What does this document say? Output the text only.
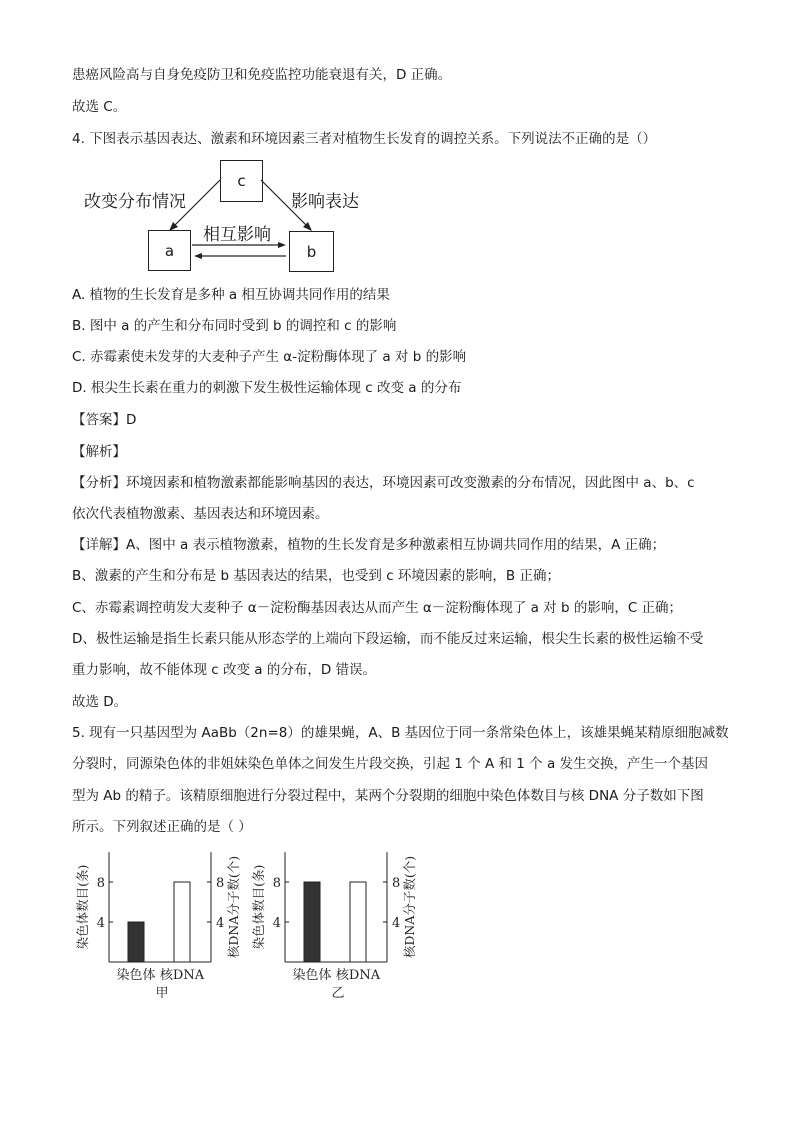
患癌风险高与自身免疫防卫和免疫监控功能衰退有关，D 正确。
故选 C。
4. 下图表示基因表达、激素和环境因素三者对植物生长发育的调控关系。下列说法不正确的是（）
c
a	b
改变分布情况	影响表达
相互影响
A. 植物的生长发育是多种 a 相互协调共同作用的结果
B. 图中 a 的产生和分布同时受到 b 的调控和 c 的影响
C. 赤霉素使未发芽的大麦种子产生 α-淀粉酶体现了 a 对 b 的影响
D. 根尖生长素在重力的刺激下发生极性运输体现 c 改变 a 的分布
【答案】D
【解析】
【分析】环境因素和植物激素都能影响基因的表达，环境因素可改变激素的分布情况，因此图中 a、b、c
依次代表植物激素、基因表达和环境因素。
【详解】A、图中 a 表示植物激素，植物的生长发育是多种激素相互协调共同作用的结果，A 正确；
B、激素的产生和分布是 b 基因表达的结果，也受到 c 环境因素的影响，B 正确；
C、赤霉素调控萌发大麦种子 α－淀粉酶基因表达从而产生 α－淀粉酶体现了 a 对 b 的影响，C 正确；
D、极性运输是指生长素只能从形态学的上端向下段运输，而不能反过来运输，根尖生长素的极性运输不受
重力影响，故不能体现 c 改变 a 的分布，D 错误。
故选 D。
5. 现有一只基因型为 AaBb（2n=8）的雄果蝇，A、B 基因位于同一条常染色体上，该雄果蝇某精原细胞减数
分裂时，同源染色体的非姐妹染色单体之间发生片段交换，引起 1 个 A 和 1 个 a 发生交换，产生一个基因
型为 Ab 的精子。该精原细胞进行分裂过程中，某两个分裂期的细胞中染色体数目与核 DNA 分子数如下图
所示。下列叙述正确的是（ ）
4	4
8	8
染色体 核DNA
染色体数目(条)	核DNA分子数(个)
甲
4	4
8	8
染色体 核DNA
染色体数目(条)	核DNA分子数(个)
乙
